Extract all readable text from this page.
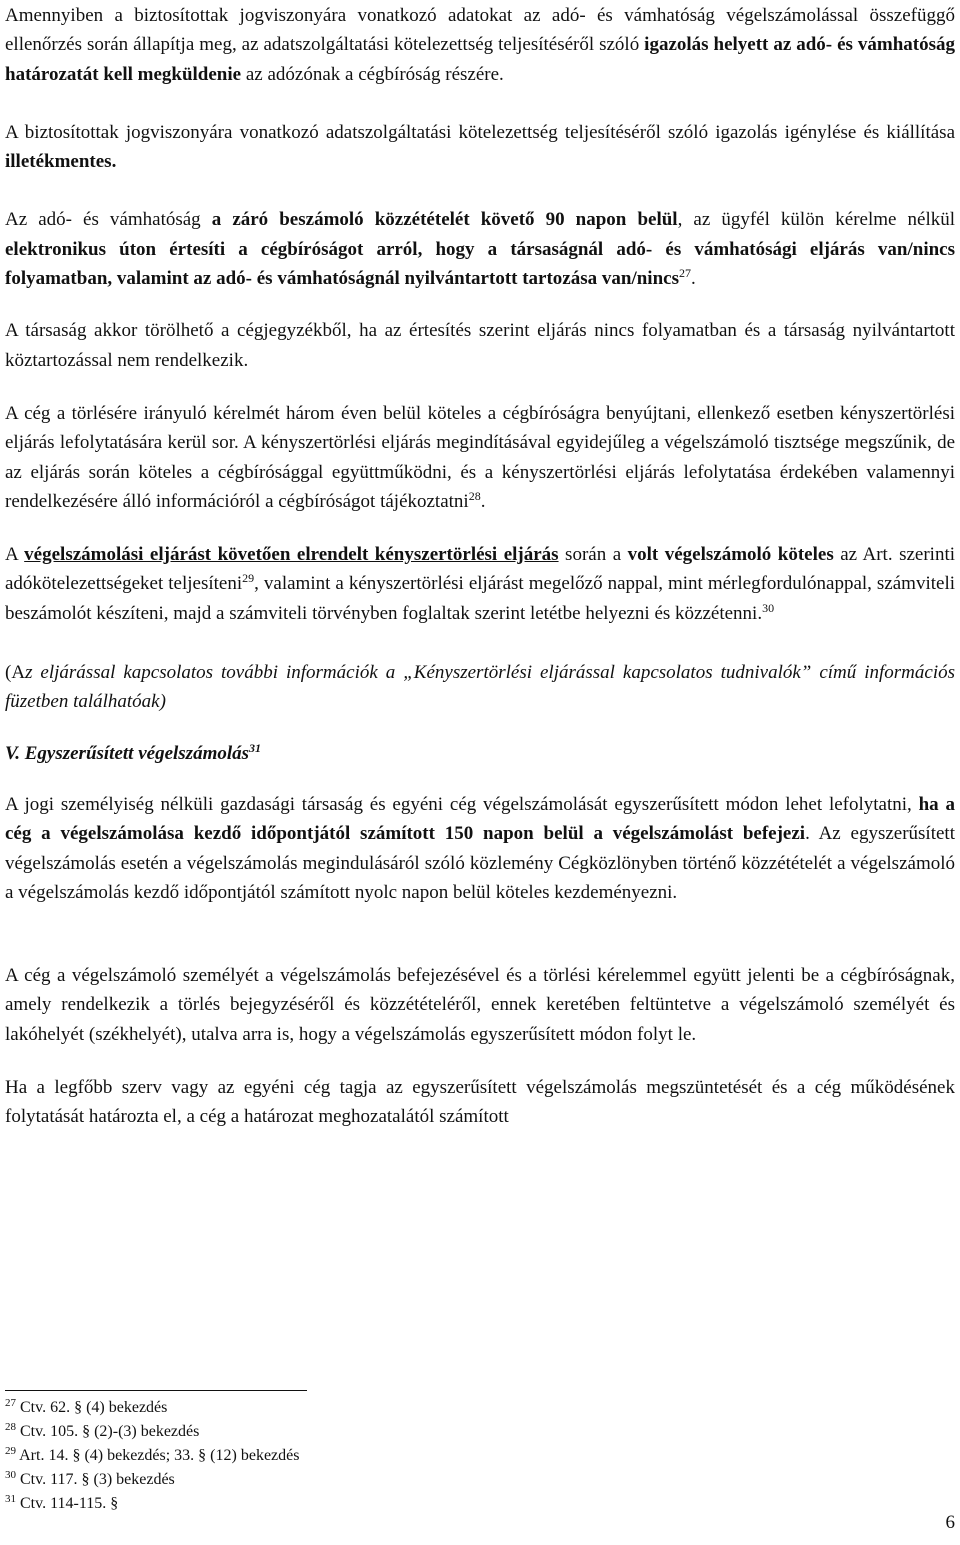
Amennyiben a biztosítottak jogviszonyára vonatkozó adatokat az adó- és vámhatóság végelszámolással összefüggő ellenőrzés során állapítja meg, az adatszolgáltatási kötelezettség teljesítéséről szóló igazolás helyett az adó- és vámhatóság határozatát kell megküldenie az adózónak a cégbíróság részére.

A biztosítottak jogviszonyára vonatkozó adatszolgáltatási kötelezettség teljesítéséről szóló igazolás igénylése és kiállítása illetékmentes.

Az adó- és vámhatóság a záró beszámoló közzétételét követő 90 napon belül, az ügyfél külön kérelme nélkül elektronikus úton értesíti a cégbíróságot arról, hogy a társaságnál adó- és vámhatósági eljárás van/nincs folyamatban, valamint az adó- és vámhatóságnál nyilvántartott tartozása van/nincs$^{27}$.

A társaság akkor törölhető a cégjegyzékből, ha az értesítés szerint eljárás nincs folyamatban és a társaság nyilvántartott köztartozással nem rendelkezik.

A cég a törlésére irányuló kérelmét három éven belül köteles a cégbíróságra benyújtani, ellenkező esetben kényszertörlési eljárás lefolytatására kerül sor. A kényszertörlési eljárás megindításával egyidejűleg a végelszámoló tisztsége megszűnik, de az eljárás során köteles a cégbírósággal együttműködni, és a kényszertörlési eljárás lefolytatása érdekében valamennyi rendelkezésére álló információról a cégbíróságot tájékoztatni$^{28}$.

A végelszámolási eljárást követően elrendelt kényszertörlési eljárás során a volt végelszámoló köteles az Art. szerinti adókötelezettségeket teljesíteni$^{29}$, valamint a kényszertörlési eljárást megelőző nappal, mint mérlegfordulónappal, számviteli beszámolót készíteni, majd a számviteli törvényben foglaltak szerint letétbe helyezni és közzétenni.$^{30}$

(Az eljárással kapcsolatos további információk a „Kényszertörlési eljárással kapcsolatos tudnivalók” című információs füzetben találhatóak)

V. Egyszerűsített végelszámolás$^{31}$

A jogi személyiség nélküli gazdasági társaság és egyéni cég végelszámolását egyszerűsített módon lehet lefolytatni, ha a cég a végelszámolása kezdő időpontjától számított 150 napon belül a végelszámolást befejezi. Az egyszerűsített végelszámolás esetén a végelszámolás megindulásáról szóló közlemény Cégközlönyben történő közzétételét a végelszámoló a végelszámolás kezdő időpontjától számított nyolc napon belül köteles kezdeményezni.

A cég a végelszámoló személyét a végelszámolás befejezésével és a törlési kérelemmel együtt jelenti be a cégbíróságnak, amely rendelkezik a törlés bejegyzéséről és közzétételéről, ennek keretében feltüntetve a végelszámoló személyét és lakóhelyét (székhelyét), utalva arra is, hogy a végelszámolás egyszerűsített módon folyt le.

Ha a legfőbb szerv vagy az egyéni cég tagja az egyszerűsített végelszámolás megszüntetését és a cég működésének folytatását határozta el, a cég a határozat meghozatalától számított

$^{27}$ Ctv. 62. § (4) bekezdés
$^{28}$ Ctv. 105. § (2)-(3) bekezdés
$^{29}$ Art. 14. § (4) bekezdés; 33. § (12) bekezdés
$^{30}$ Ctv. 117. § (3) bekezdés
$^{31}$ Ctv. 114-115. §
6
